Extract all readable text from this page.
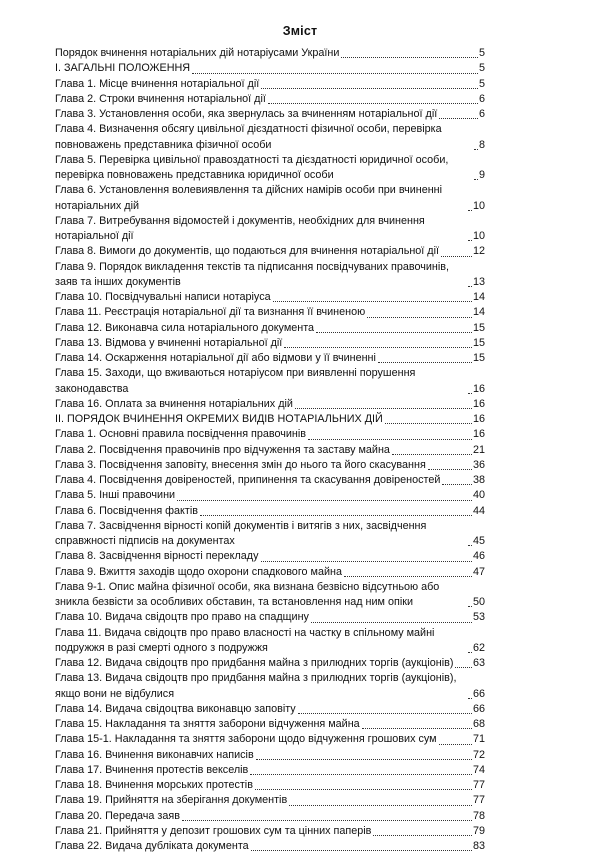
Зміст
Порядок вчинення нотаріальних дій нотаріусами України	5
І. ЗАГАЛЬНІ ПОЛОЖЕННЯ	5
Глава 1. Місце вчинення нотаріальної дії	5
Глава 2. Строки вчинення нотаріальної дії	6
Глава 3. Установлення особи, яка звернулась за вчиненням нотаріальної дії	6
Глава 4. Визначення обсягу цивільної дієздатності фізичної особи, перевірка повноважень представника фізичної особи	8
Глава 5. Перевірка цивільної правоздатності та дієздатності юридичної особи, перевірка повноважень представника юридичної особи	9
Глава 6. Установлення волевиявлення та дійсних намірів особи при вчиненні нотаріальних дій	10
Глава 7. Витребування відомостей і документів, необхідних для вчинення нотаріальної дії	10
Глава 8. Вимоги до документів, що подаються для вчинення нотаріальної дії	12
Глава 9. Порядок викладення текстів та підписання посвідчуваних правочинів, заяв та інших документів	13
Глава 10. Посвідчувальні написи нотаріуса	14
Глава 11. Реєстрація нотаріальної дії та визнання її вчиненою	14
Глава 12. Виконавча сила нотаріального документа	15
Глава 13. Відмова у вчиненні нотаріальної дії	15
Глава 14. Оскарження нотаріальної дії або відмови у її вчиненні	15
Глава 15. Заходи, що вживаються нотаріусом при виявленні порушення законодавства	16
Глава 16. Оплата за вчинення нотаріальних дій	16
ІІ. ПОРЯДОК ВЧИНЕННЯ ОКРЕМИХ ВИДІВ НОТАРІАЛЬНИХ ДІЙ	16
Глава 1. Основні правила посвідчення правочинів	16
Глава 2. Посвідчення правочинів про відчуження та заставу майна	21
Глава 3. Посвідчення заповіту, внесення змін до нього та його скасування	36
Глава 4. Посвідчення довіреностей, припинення та скасування довіреностей	38
Глава 5. Інші правочини	40
Глава 6. Посвідчення фактів	44
Глава 7. Засвідчення вірності копій документів і витягів з них, засвідчення справжності підписів на документах	45
Глава 8. Засвідчення вірності перекладу	46
Глава 9. Вжиття заходів щодо охорони спадкового майна	47
Глава 9-1. Опис майна фізичної особи, яка визнана безвісно відсутньою або зникла безвісти за особливих обставин, та встановлення над ним опіки	50
Глава 10. Видача свідоцтв про право на спадщину	53
Глава 11. Видача свідоцтв про право власності на частку в спільному майні подружжя в разі смерті одного з подружжя	62
Глава 12. Видача свідоцтв про придбання майна з прилюдних торгів (аукціонів) 63
Глава 13. Видача свідоцтв про придбання майна з прилюдних торгів (аукціонів), якщо вони не відбулися	66
Глава 14. Видача свідоцтва виконавцю заповіту	66
Глава 15. Накладання та зняття заборони відчуження майна	68
Глава 15-1. Накладання та зняття заборони щодо відчуження грошових сум	71
Глава 16. Вчинення виконавчих написів	72
Глава 17. Вчинення протестів векселів	74
Глава 18. Вчинення морських протестів	77
Глава 19. Прийняття на зберігання документів	77
Глава 20. Передача заяв	78
Глава 21. Прийняття у депозит грошових сум та цінних паперів	79
Глава 22. Видача дублікатa документа	83
